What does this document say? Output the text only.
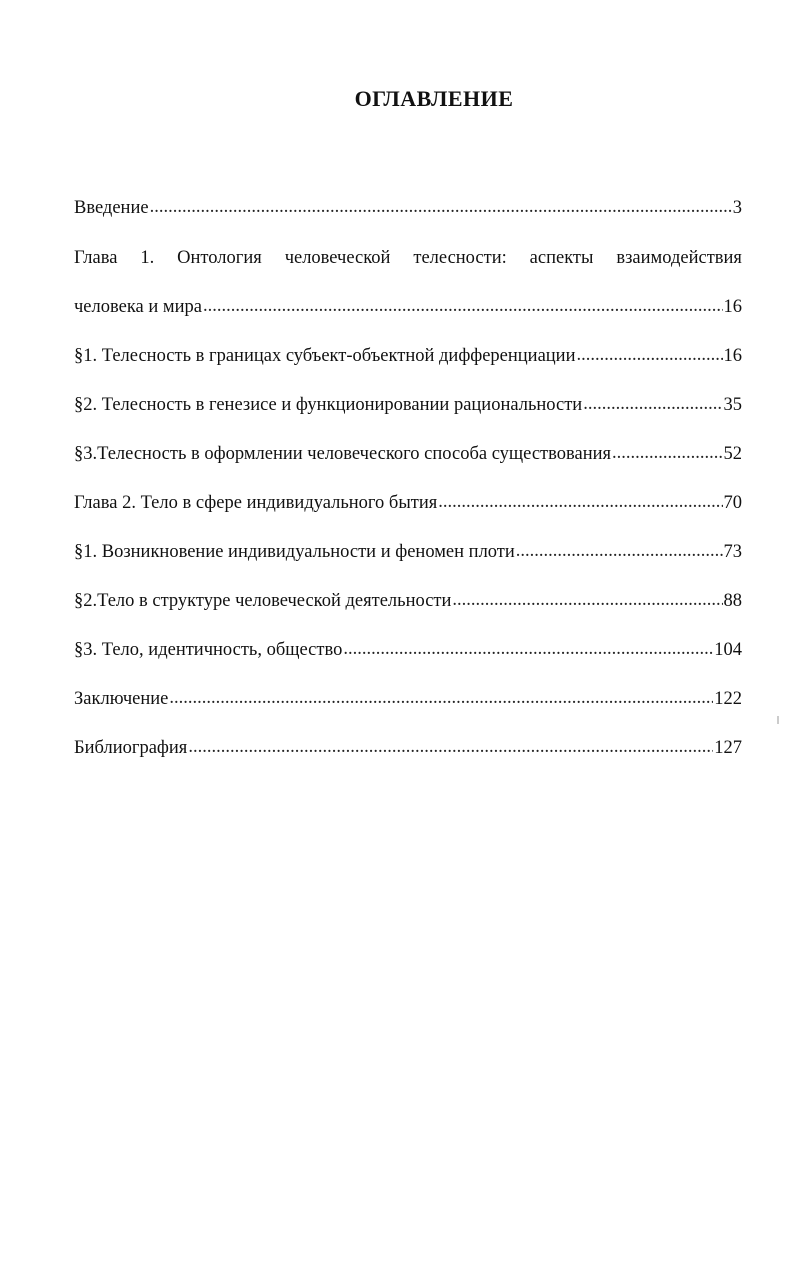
ОГЛАВЛЕНИЕ
Введение .....	3
Глава 1. Онтология человеческой телесности: аспекты взаимодействия
человека и мира .....	16
§1. Телесность в границах субъект-объектной дифференциации .....	16
§2. Телесность в генезисе и функционировании рациональности .....	35
§3.Телесность в оформлении человеческого способа существования .....	52
Глава 2. Тело в сфере индивидуального бытия .....	70
§1. Возникновение индивидуальности и феномен плоти .....	73
§2.Тело в структуре человеческой деятельности .....	88
§3. Тело, идентичность, общество .....	104
Заключение .....	122
Библиография .....	127
